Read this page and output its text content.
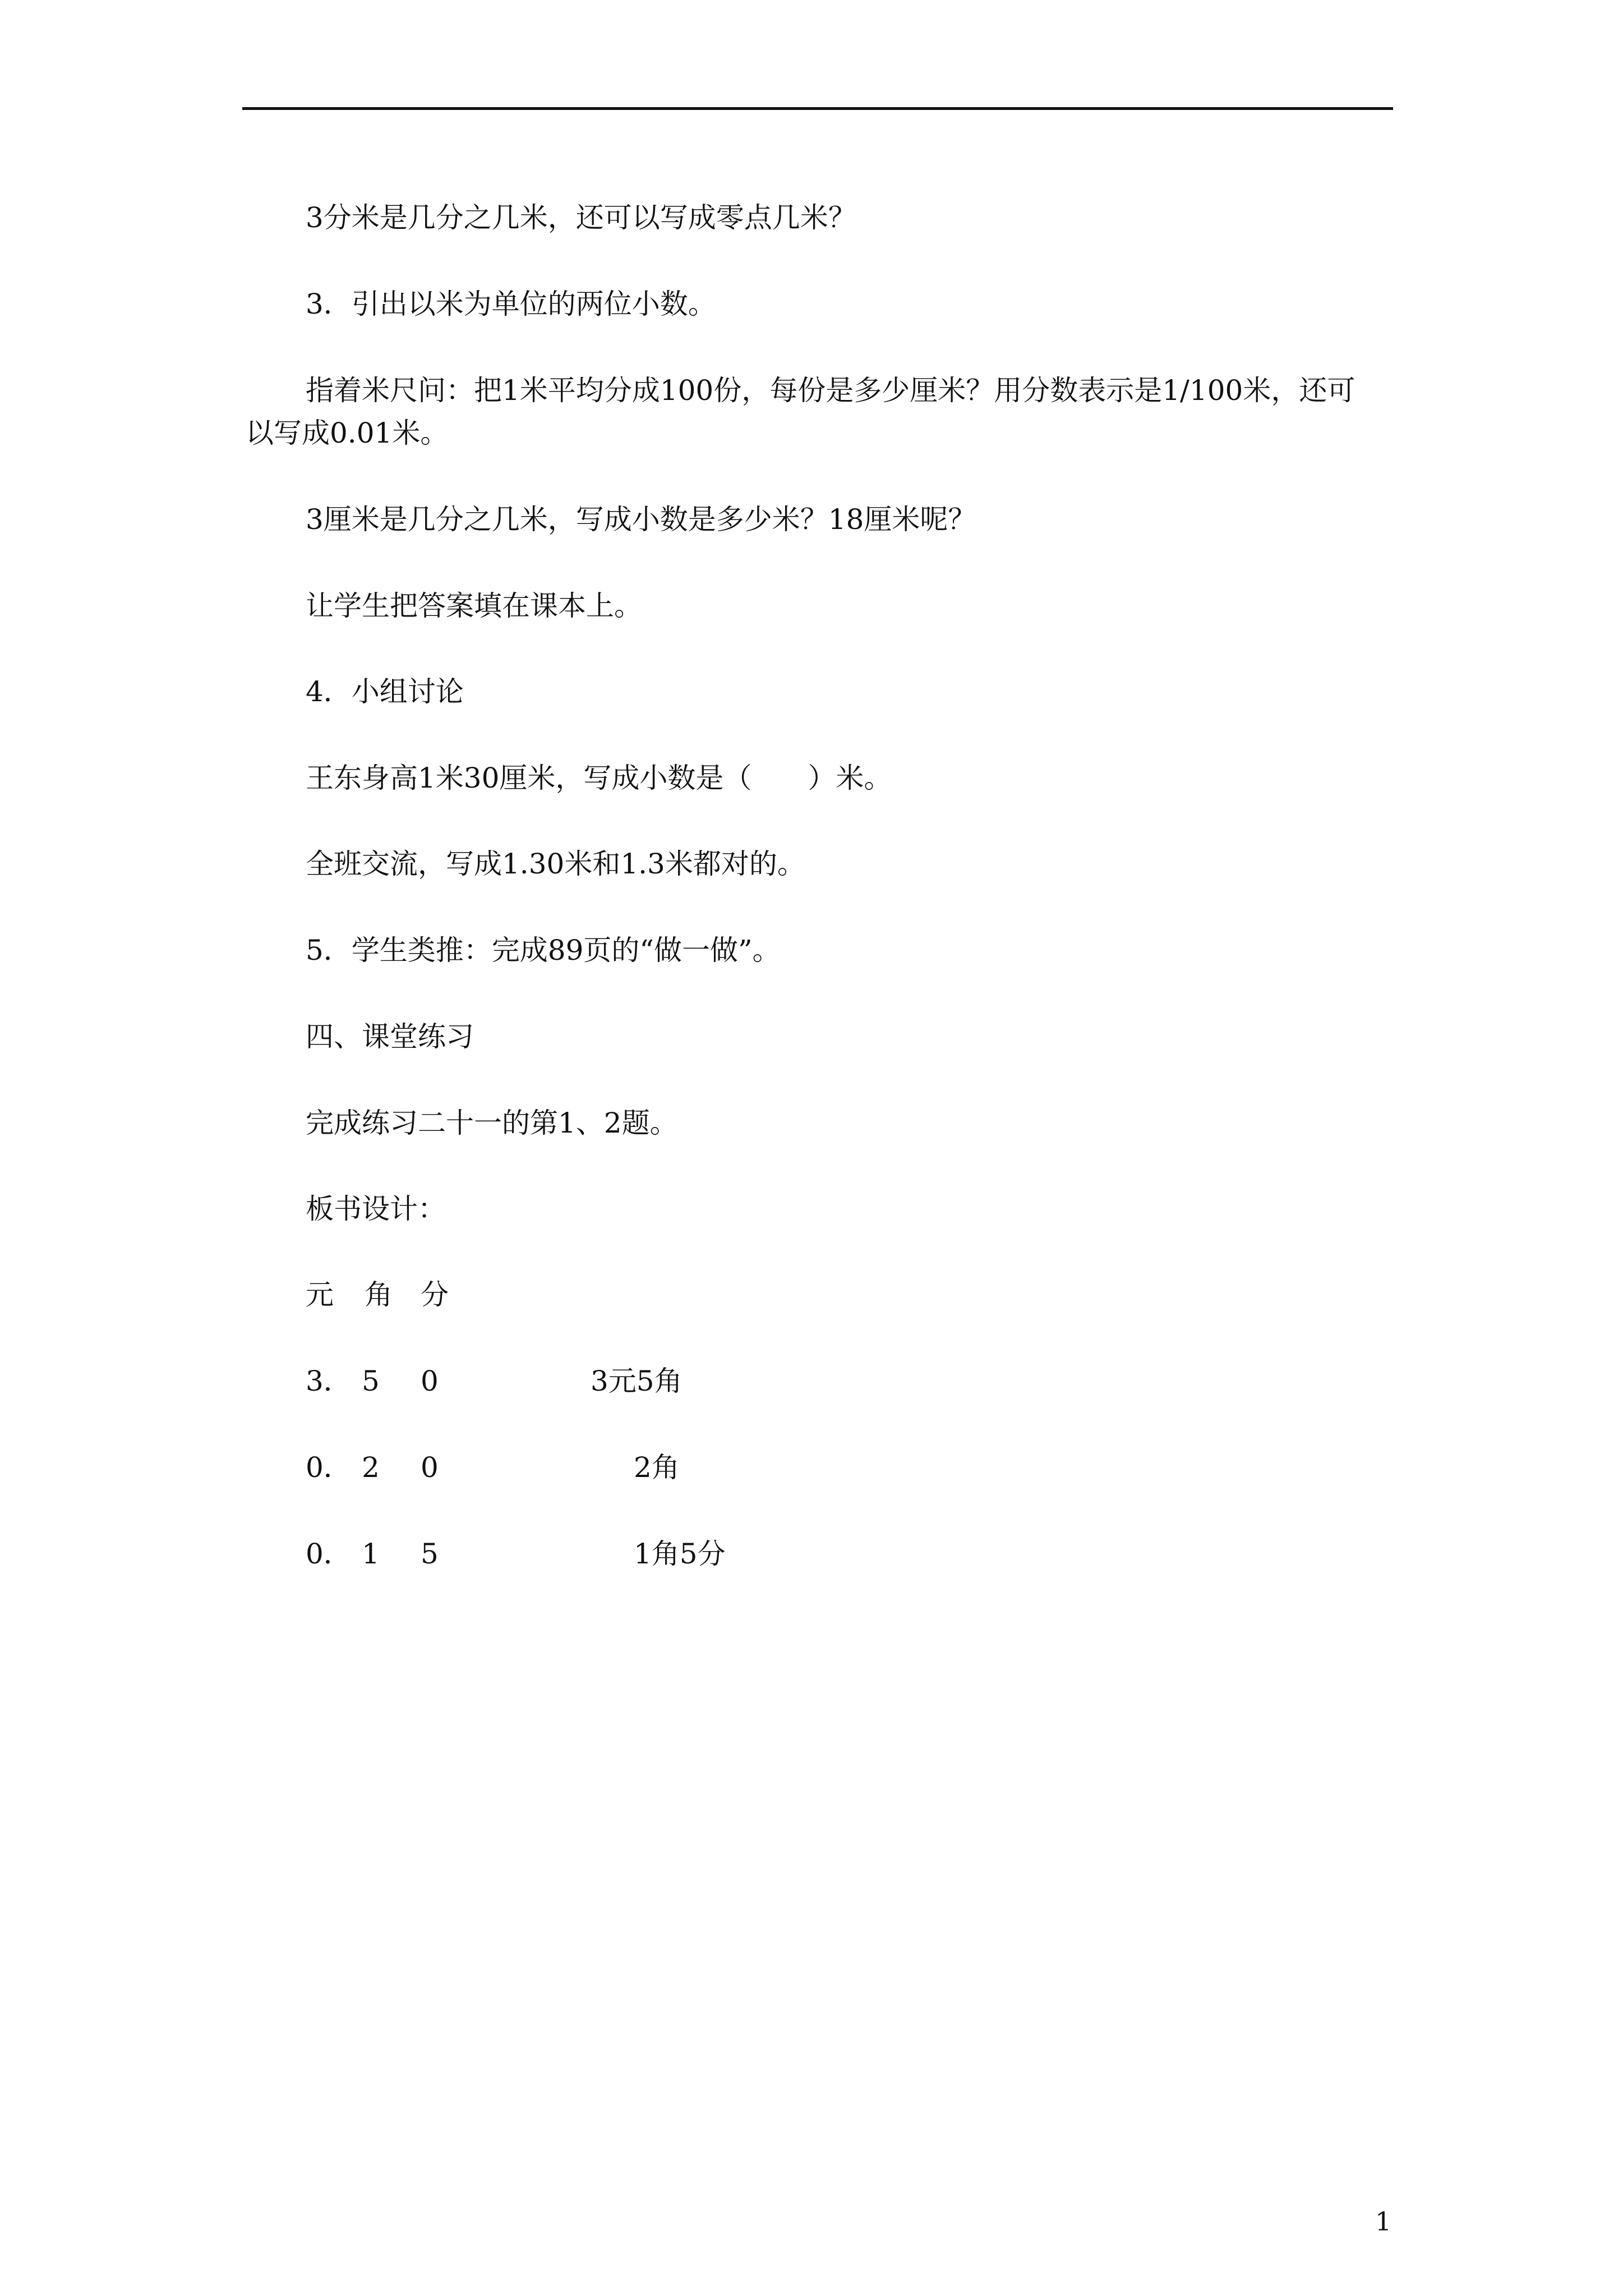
3分米是几分之几米，还可以写成零点几米？
3．引出以米为单位的两位小数。
指着米尺问：把1米平均分成100份，每份是多少厘米？用分数表示是1/100米，还可
以写成0.01米。
3厘米是几分之几米，写成小数是多少米？18厘米呢？
让学生把答案填在课本上。
4．小组讨论
王东身高1米30厘米，写成小数是（　　）米。
全班交流，写成1.30米和1.3米都对的。
5．学生类推：完成89页的“做一做”。
四、课堂练习
完成练习二十一的第1、2题。
板书设计：
元 角 分
3． 5 0	3元5角
0． 2 0	2角
0． 1 5	1角5分
1
